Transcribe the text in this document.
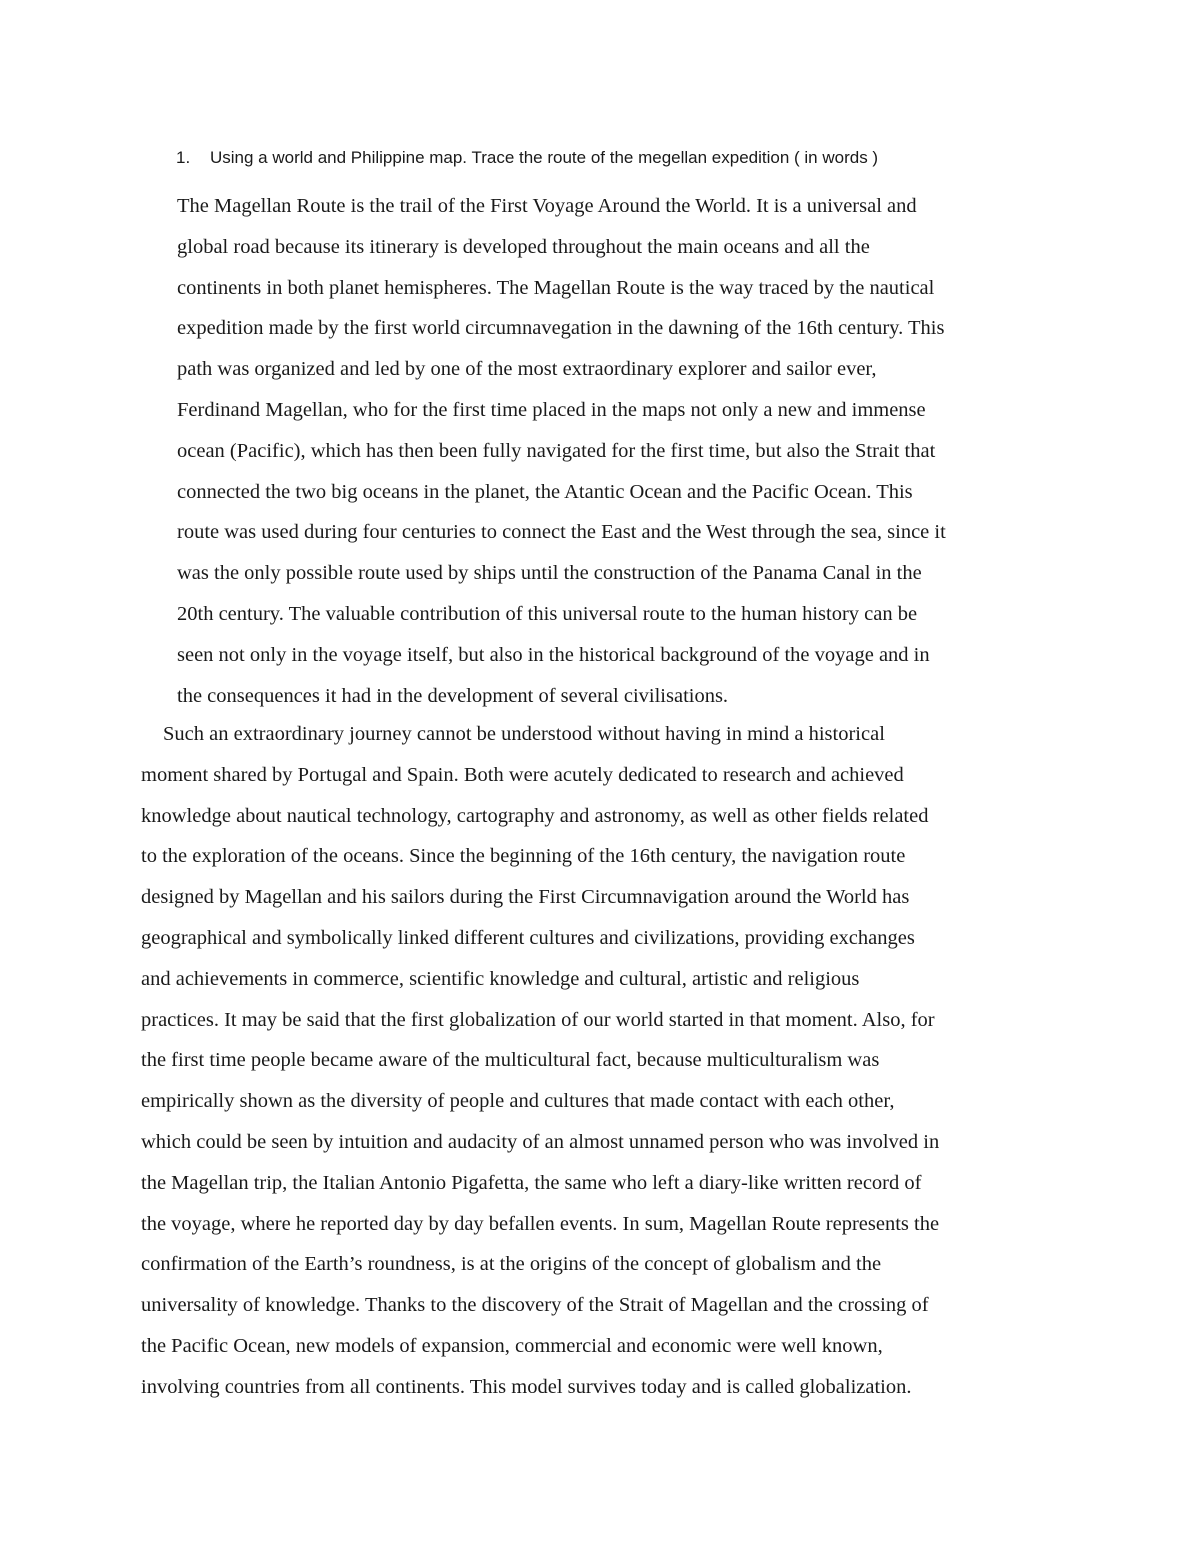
1. Using a world and Philippine map. Trace the route of the megellan expedition ( in words )
The Magellan Route is the trail of the First Voyage Around the World. It is a universal and
global road because its itinerary is developed throughout the main oceans and all the
continents in both planet hemispheres. The Magellan Route is the way traced by the nautical
expedition made by the first world circumnavegation in the dawning of the 16th century. This
path was organized and led by one of the most extraordinary explorer and sailor ever,
Ferdinand Magellan, who for the first time placed in the maps not only a new and immense
ocean (Pacific), which has then been fully navigated for the first time, but also the Strait that
connected the two big oceans in the planet, the Atantic Ocean and the Pacific Ocean. This
route was used during four centuries to connect the East and the West through the sea, since it
was the only possible route used by ships until the construction of the Panama Canal in the
20th century. The valuable contribution of this universal route to the human history can be
seen not only in the voyage itself, but also in the historical background of the voyage and in
the consequences it had in the development of several civilisations.
Such an extraordinary journey cannot be understood without having in mind a historical
moment shared by Portugal and Spain. Both were acutely dedicated to research and achieved
knowledge about nautical technology, cartography and astronomy, as well as other fields related
to the exploration of the oceans. Since the beginning of the 16th century, the navigation route
designed by Magellan and his sailors during the First Circumnavigation around the World has
geographical and symbolically linked different cultures and civilizations, providing exchanges
and achievements in commerce, scientific knowledge and cultural, artistic and religious
practices. It may be said that the first globalization of our world started in that moment. Also, for
the first time people became aware of the multicultural fact, because multiculturalism was
empirically shown as the diversity of people and cultures that made contact with each other,
which could be seen by intuition and audacity of an almost unnamed person who was involved in
the Magellan trip, the Italian Antonio Pigafetta, the same who left a diary-like written record of
the voyage, where he reported day by day befallen events. In sum, Magellan Route represents the
confirmation of the Earth’s roundness, is at the origins of the concept of globalism and the
universality of knowledge. Thanks to the discovery of the Strait of Magellan and the crossing of
the Pacific Ocean, new models of expansion, commercial and economic were well known,
involving countries from all continents. This model survives today and is called globalization.
